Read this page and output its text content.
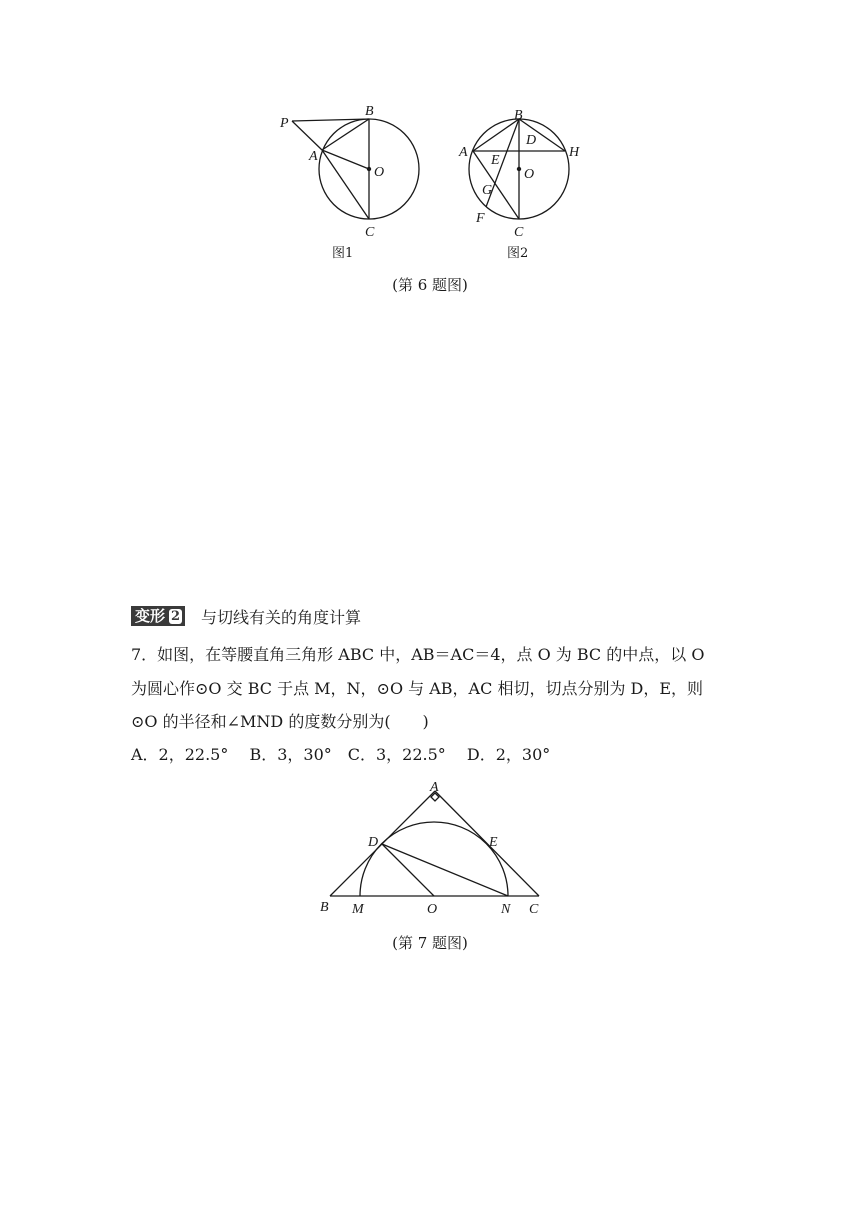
P
B
A
O
C
图1
B
D
A
E
H
O
G
F
C
图2
(第 6 题图)
变形 2 与切线有关的角度计算
7．如图，在等腰直角三角形 ABC 中，AB＝AC＝4，点 O 为 BC 的中点，以 O
为圆心作⊙O 交 BC 于点 M，N，⊙O 与 AB，AC 相切，切点分别为 D，E，则
⊙O 的半径和∠MND 的度数分别为(　　)
A．2，22.5°　 B．3，30°　C．3，22.5°　 D．2，30°
A
D	E
B M	O	N C
(第 7 题图)
